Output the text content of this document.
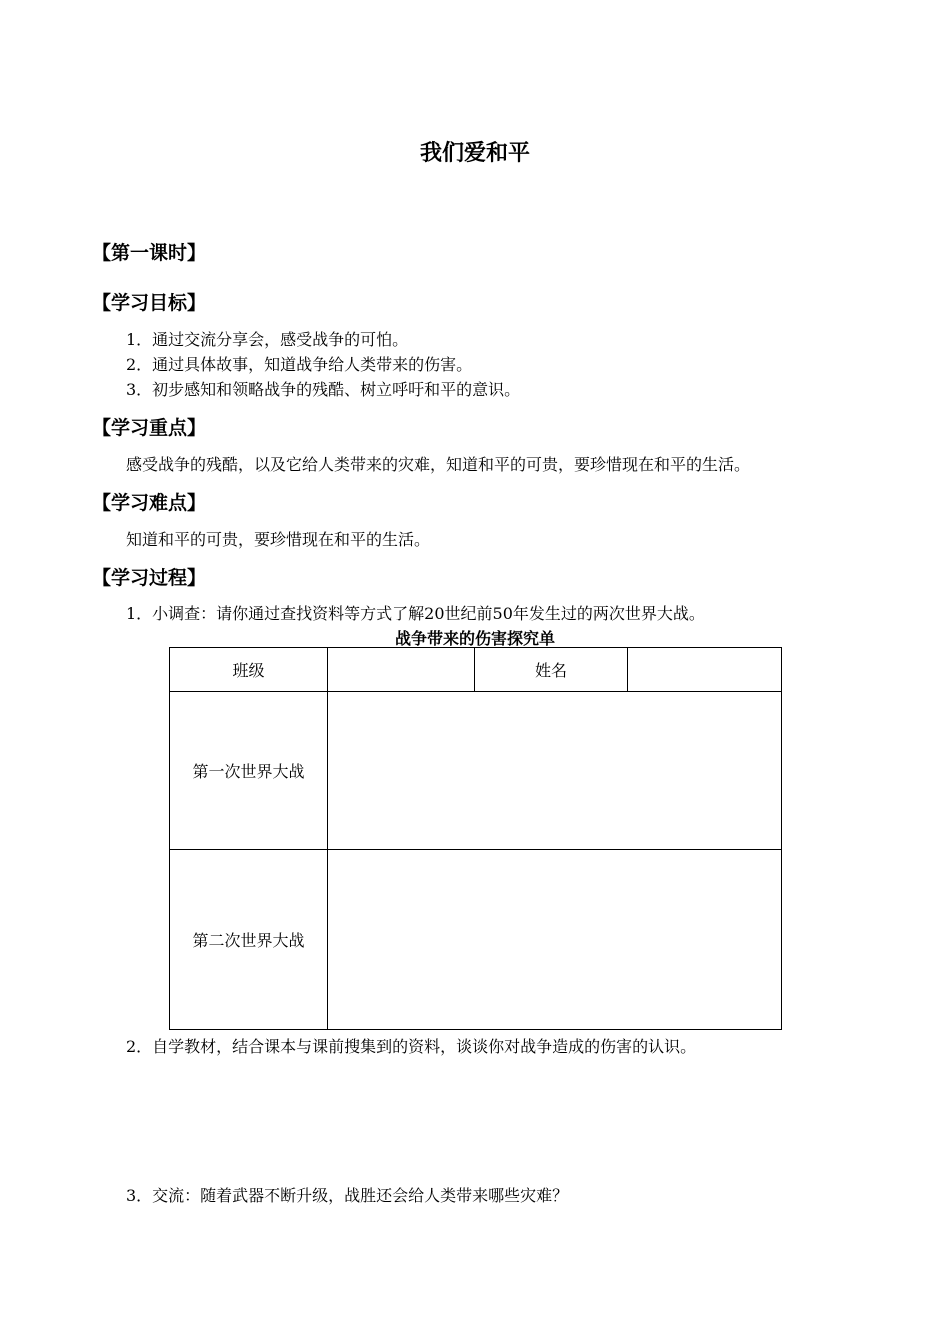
我们爱和平
【第一课时】
【学习目标】
1．通过交流分享会，感受战争的可怕。
2．通过具体故事，知道战争给人类带来的伤害。
3．初步感知和领略战争的残酷、树立呼吁和平的意识。
【学习重点】
感受战争的残酷，以及它给人类带来的灾难，知道和平的可贵，要珍惜现在和平的生活。
【学习难点】
知道和平的可贵，要珍惜现在和平的生活。
【学习过程】
1．小调查：请你通过查找资料等方式了解20世纪前50年发生过的两次世界大战。
战争带来的伤害探究单
班级		姓名	
第一次世界大战			
第二次世界大战			
2．自学教材，结合课本与课前搜集到的资料，谈谈你对战争造成的伤害的认识。
3．交流：随着武器不断升级，战胜还会给人类带来哪些灾难？
